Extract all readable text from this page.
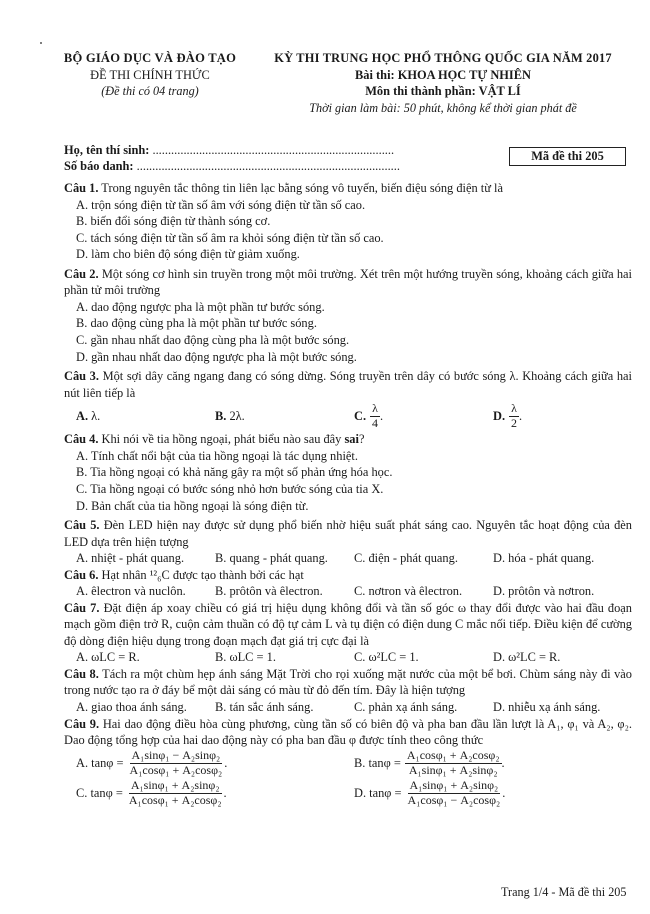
BỘ GIÁO DỤC VÀ ĐÀO TẠO
ĐỀ THI CHÍNH THỨC
(Đề thi có 04 trang)
KỲ THI TRUNG HỌC PHỔ THÔNG QUỐC GIA NĂM 2017
Bài thi: KHOA HỌC TỰ NHIÊN
Môn thi thành phần: VẬT LÍ
Thời gian làm bài: 50 phút, không kể thời gian phát đề
Họ, tên thí sinh: ..............................................................................
Số báo danh: .....................................................................................
Mã đề thi 205
Câu 1. Trong nguyên tắc thông tin liên lạc bằng sóng vô tuyến, biến điệu sóng điện từ là
A. trộn sóng điện từ tần số âm với sóng điện từ tần số cao.
B. biến đổi sóng điện từ thành sóng cơ.
C. tách sóng điện từ tần số âm ra khỏi sóng điện từ tần số cao.
D. làm cho biên độ sóng điện từ giảm xuống.
Câu 2. Một sóng cơ hình sin truyền trong một môi trường. Xét trên một hướng truyền sóng, khoảng cách giữa hai phần tử môi trường
A. dao động ngược pha là một phần tư bước sóng.
B. dao động cùng pha là một phần tư bước sóng.
C. gần nhau nhất dao động cùng pha là một bước sóng.
D. gần nhau nhất dao động ngược pha là một bước sóng.
Câu 3. Một sợi dây căng ngang đang có sóng dừng. Sóng truyền trên dây có bước sóng λ. Khoảng cách giữa hai nút liên tiếp là
A. λ.	B. 2λ.	C. $\frac{\lambda}{4}$ .	D. $\frac{\lambda}{2}$ .
Câu 4. Khi nói về tia hồng ngoại, phát biểu nào sau đây sai?
A. Tính chất nổi bật của tia hồng ngoại là tác dụng nhiệt.
B. Tia hồng ngoại có khả năng gây ra một số phản ứng hóa học.
C. Tia hồng ngoại có bước sóng nhỏ hơn bước sóng của tia X.
D. Bản chất của tia hồng ngoại là sóng điện từ.
Câu 5. Đèn LED hiện nay được sử dụng phổ biến nhờ hiệu suất phát sáng cao. Nguyên tắc hoạt động của đèn LED dựa trên hiện tượng
A. nhiệt - phát quang.	B. quang - phát quang.	C. điện - phát quang.	D. hóa - phát quang.
Câu 6. Hạt nhân ¹²₆C được tạo thành bởi các hạt
A. êlectron và nuclôn.	B. prôtôn và êlectron.	C. nơtron và êlectron.	D. prôtôn và nơtron.
Câu 7. Đặt điện áp xoay chiều có giá trị hiệu dụng không đổi và tần số góc ω thay đổi được vào hai đầu đoạn mạch gồm điện trở R, cuộn cảm thuần có độ tự cảm L và tụ điện có điện dung C mắc nối tiếp. Điều kiện để cường độ dòng điện hiệu dụng trong đoạn mạch đạt giá trị cực đại là
A. ωLC = R.	B. ωLC = 1.	C. ω²LC = 1.	D. ω²LC = R.
Câu 8. Tách ra một chùm hẹp ánh sáng Mặt Trời cho rọi xuống mặt nước của một bể bơi. Chùm sáng này đi vào trong nước tạo ra ở đáy bể một dải sáng có màu từ đỏ đến tím. Đây là hiện tượng
A. giao thoa ánh sáng.	B. tán sắc ánh sáng.	C. phản xạ ánh sáng.	D. nhiễu xạ ánh sáng.
Câu 9. Hai dao động điều hòa cùng phương, cùng tần số có biên độ và pha ban đầu lần lượt là A₁, φ₁ và A₂, φ₂. Dao động tổng hợp của hai dao động này có pha ban đầu φ được tính theo công thức
A. $\tan\varphi = \frac{\text{A₁sinφ₁ − A₂sinφ₂}}{\text{A₁cosφ₁ + A₂cosφ₂}}$ .	B. $\tan\varphi = \frac{\text{A₁cosφ₁ + A₂cosφ₂}}{\text{A₁sinφ₁ + A₂sinφ₂}}$ .
C. $\tan\varphi = \frac{\text{A₁sinφ₁ + A₂sinφ₂}}{\text{A₁cosφ₁ + A₂cosφ₂}}$ .	D. $\tan\varphi = \frac{\text{A₁sinφ₁ + A₂sinφ₂}}{\text{A₁cosφ₁ − A₂cosφ₂}}$ .
Trang 1/4 - Mã đề thi 205
